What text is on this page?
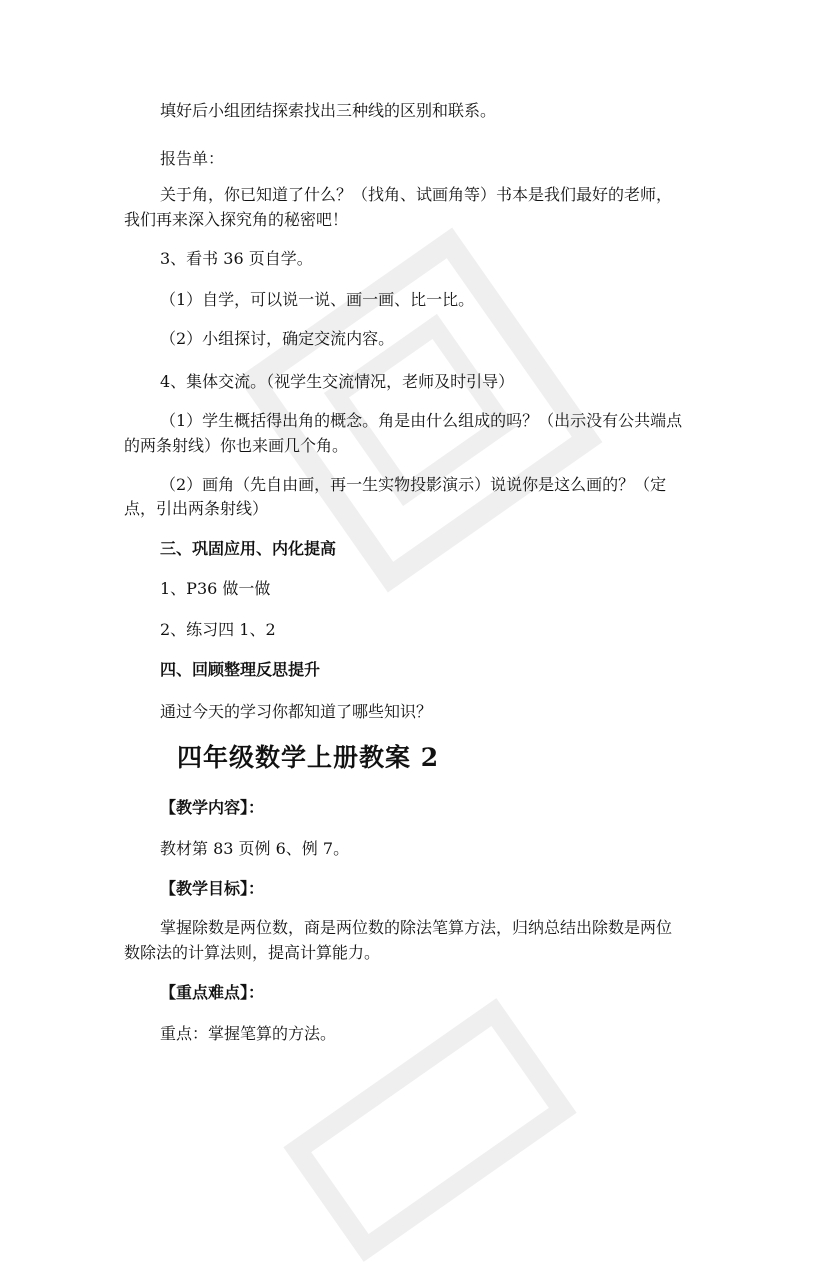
填好后小组团结探索找出三种线的区别和联系。
报告单：
关于角，你已知道了什么？（找角、试画角等）书本是我们最好的老师，
我们再来深入探究角的秘密吧！
3、看书 36 页自学。
（1）自学，可以说一说、画一画、比一比。
（2）小组探讨，确定交流内容。
4、集体交流。（视学生交流情况，老师及时引导）
（1）学生概括得出角的概念。角是由什么组成的吗？（出示没有公共端点
的两条射线）你也来画几个角。
（2）画角（先自由画，再一生实物投影演示）说说你是这么画的？（定
点，引出两条射线）
三、巩固应用、内化提高
1、P36 做一做
2、练习四 1、2
四、回顾整理反思提升
通过今天的学习你都知道了哪些知识？
四年级数学上册教案 2
【教学内容】：
教材第 83 页例 6、例 7。
【教学目标】：
掌握除数是两位数，商是两位数的除法笔算方法，归纳总结出除数是两位
数除法的计算法则，提高计算能力。
【重点难点】：
重点：掌握笔算的方法。
